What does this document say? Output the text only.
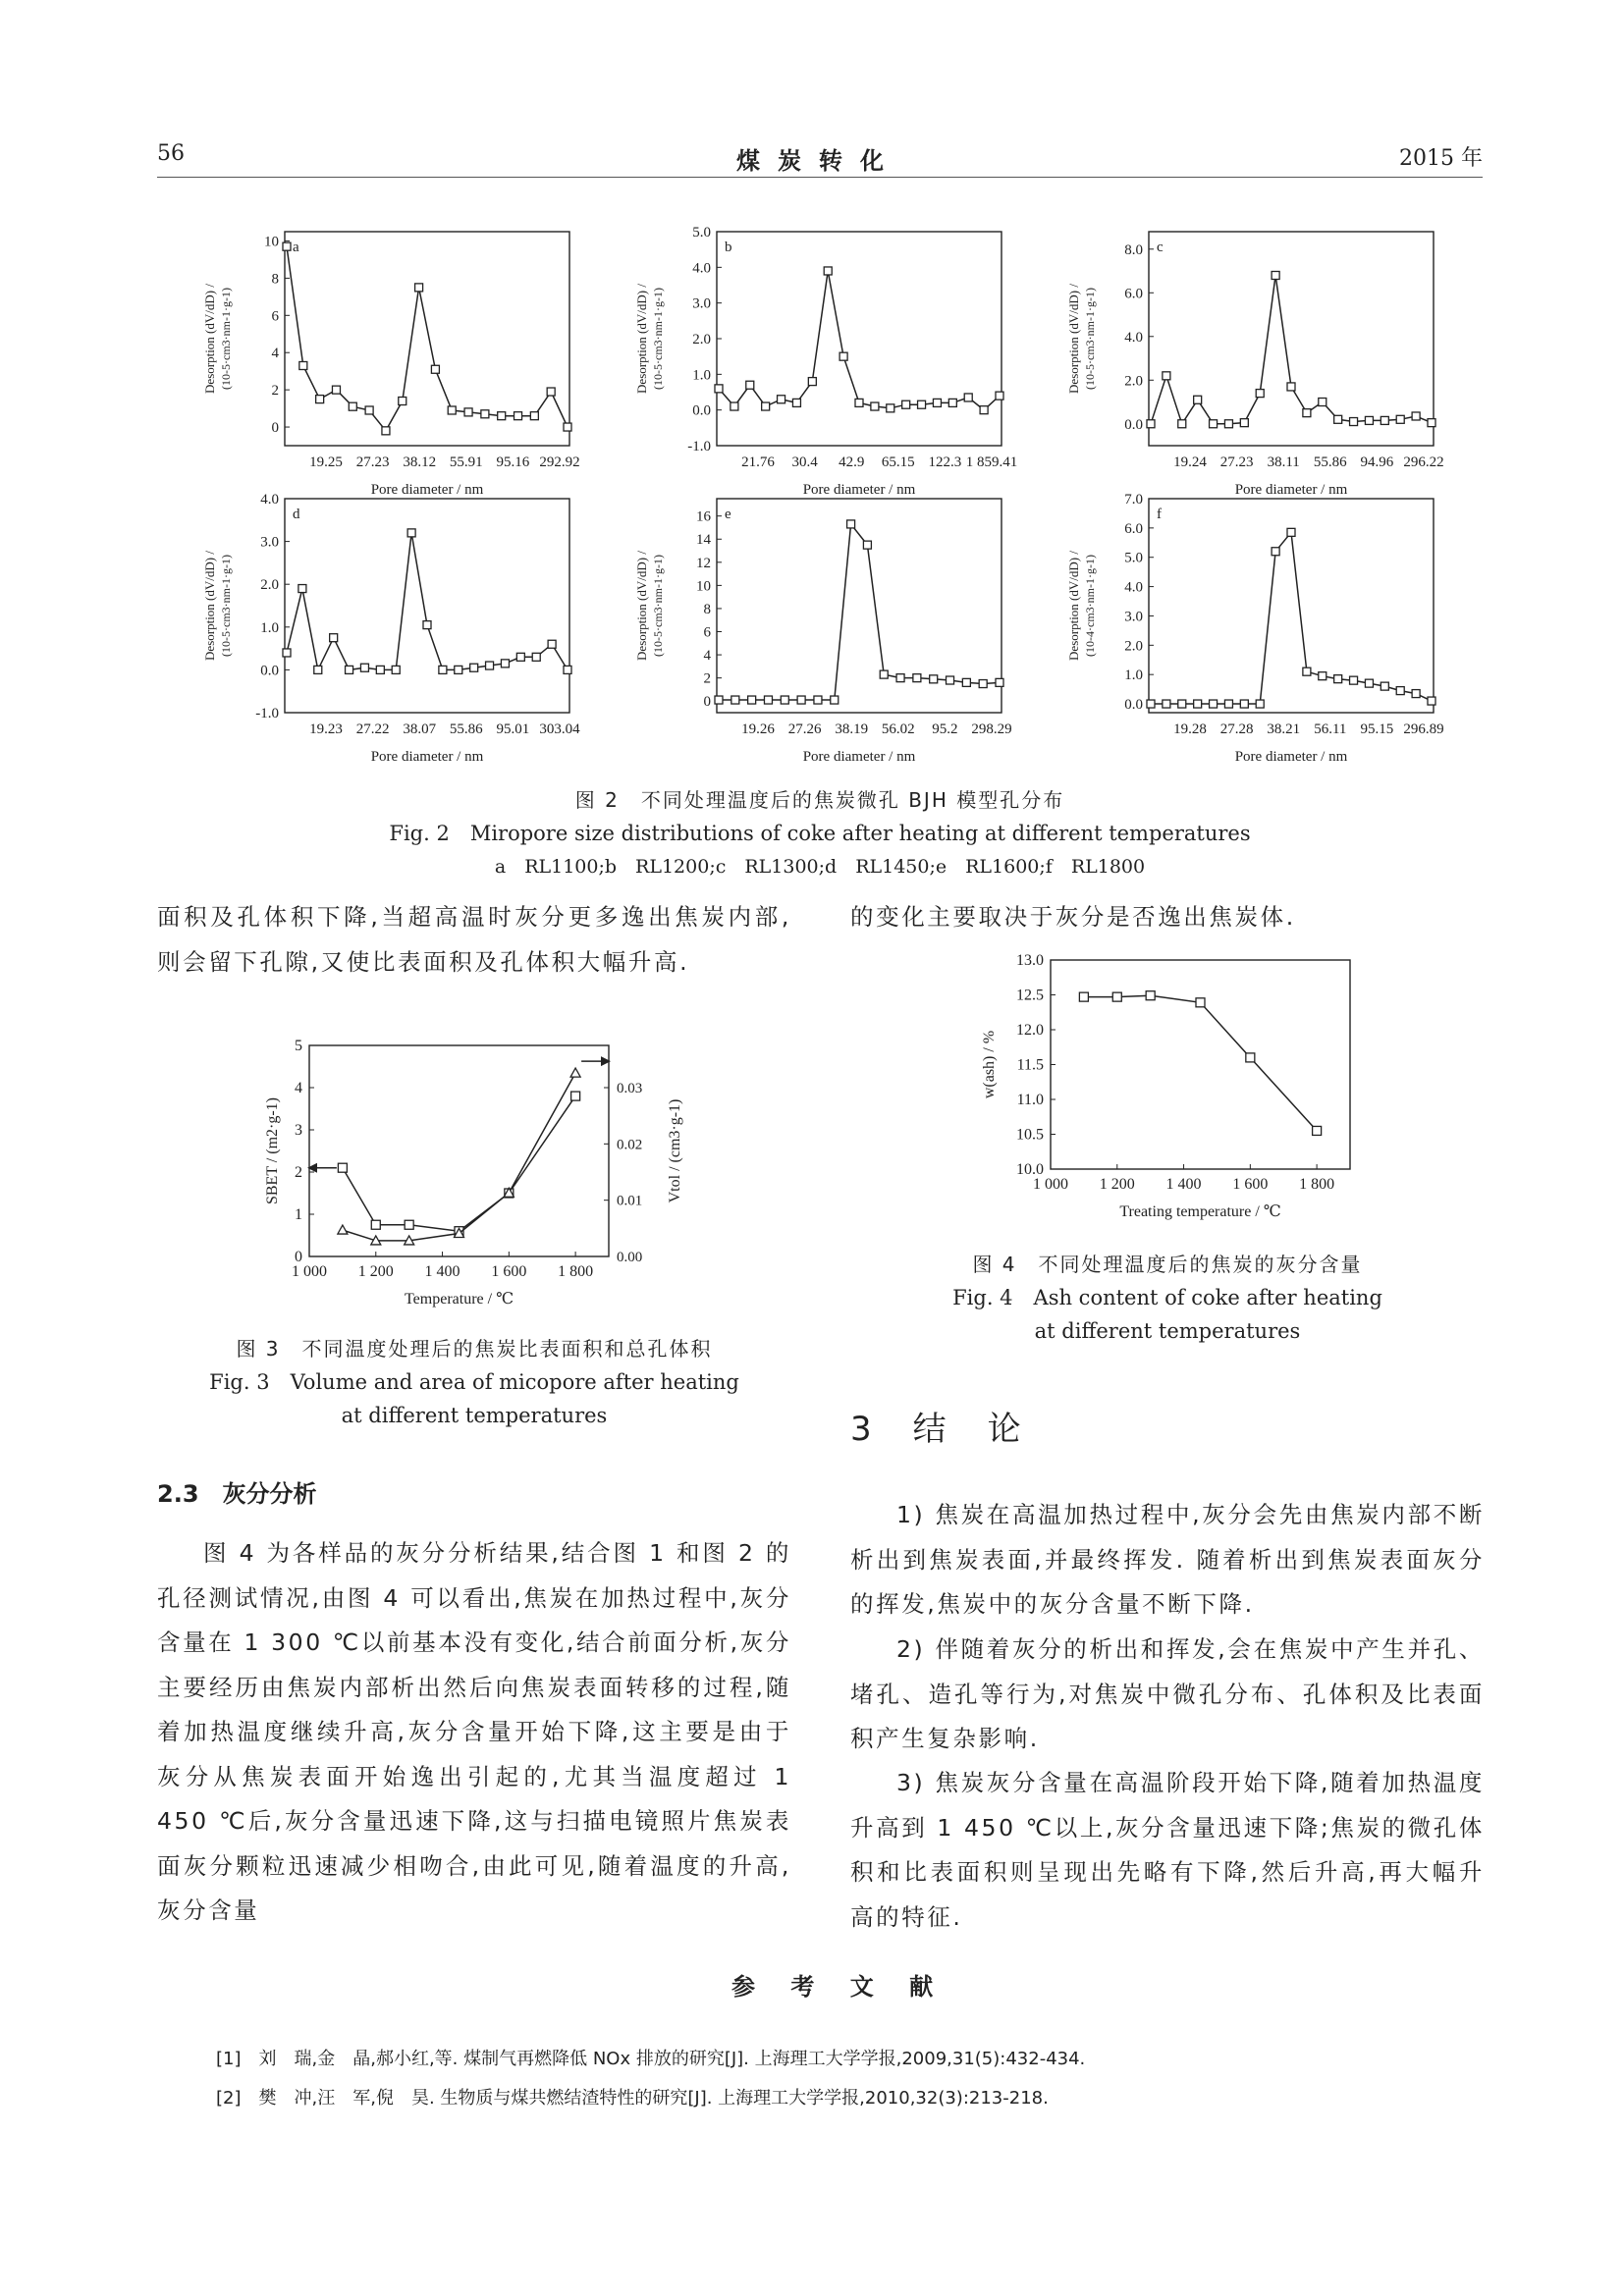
56	煤炭转化	2015 年
0
2
4
6
8
10
19.25 27.23 38.12 55.91 95.16 292.92
Pore diameter / nm
a
Desorption (dV/dD) / (10-5·cm3·nm-1·g-1)
-1.0
0.0
1.0
2.0
3.0
4.0
5.0
21.76 30.4 42.9 65.15 122.3 1 859.41
Pore diameter / nm
b
Desorption (dV/dD) / (10-5·cm3·nm-1·g-1)
0.0
2.0
4.0
6.0
8.0
19.24 27.23 38.11 55.86 94.96 296.22
Pore diameter / nm
c
Desorption (dV/dD) / (10-5·cm3·nm-1·g-1)
-1.0
0.0
1.0
2.0
3.0
4.0
19.23 27.22 38.07 55.86 95.01 303.04
Pore diameter / nm
d
Desorption (dV/dD) / (10-5·cm3·nm-1·g-1)
0
2
4
6
8
10
12
14
16
19.26 27.26 38.19 56.02 95.2 298.29
Pore diameter / nm
e
Desorption (dV/dD) / (10-5·cm3·nm-1·g-1)
0.0
1.0
2.0
3.0
4.0
5.0
6.0
7.0
19.28 27.28 38.21 56.11 95.15 296.89
Pore diameter / nm
f
Desorption (dV/dD) / (10-4·cm3·nm-1·g-1)
图 2　不同处理温度后的焦炭微孔 BJH 模型孔分布
Fig. 2　Miropore size distributions of coke after heating at different temperatures
a　RL1100;b　RL1200;c　RL1300;d　RL1450;e　RL1600;f　RL1800

面积及孔体积下降,当超高温时灰分更多逸出焦炭内部,则会留下孔隙,又使比表面积及孔体积大幅升高.

的变化主要取决于灰分是否逸出焦炭体.

0
1
2
3
4
5
0.00
0.01
0.02
0.03
1 000 1 200 1 400 1 600 1 800
Temperature / ℃
SBET / (m2·g-1)	Vtol / (cm3·g-1)
图 3　不同温度处理后的焦炭比表面积和总孔体积
Fig. 3　Volume and area of micopore after heating
at different temperatures
10.0
10.5
11.0
11.5
12.0
12.5
13.0
1 000 1 200 1 400 1 600 1 800
Treating temperature / ℃
w(ash) / %
图 4　不同处理温度后的焦炭的灰分含量
Fig. 4　Ash content of coke after heating
at different temperatures
2.3　灰分分析

图 4 为各样品的灰分分析结果,结合图 1 和图 2 的孔径测试情况,由图 4 可以看出,焦炭在加热过程中,灰分含量在 1 300 ℃以前基本没有变化,结合前面分析,灰分主要经历由焦炭内部析出然后向焦炭表面转移的过程,随着加热温度继续升高,灰分含量开始下降,这主要是由于灰分从焦炭表面开始逸出引起的,尤其当温度超过 1 450 ℃后,灰分含量迅速下降,这与扫描电镜照片焦炭表面灰分颗粒迅速减少相吻合,由此可见,随着温度的升高,灰分含量

3　结　论

1) 焦炭在高温加热过程中,灰分会先由焦炭内部不断析出到焦炭表面,并最终挥发. 随着析出到焦炭表面灰分的挥发,焦炭中的灰分含量不断下降.

2) 伴随着灰分的析出和挥发,会在焦炭中产生并孔、堵孔、造孔等行为,对焦炭中微孔分布、孔体积及比表面积产生复杂影响.

3) 焦炭灰分含量在高温阶段开始下降,随着加热温度升高到 1 450 ℃以上,灰分含量迅速下降;焦炭的微孔体积和比表面积则呈现出先略有下降,然后升高,再大幅升高的特征.

参 考 文 献
[1]　刘　瑞,金　晶,郝小红,等. 煤制气再燃降低 NOx 排放的研究[J]. 上海理工大学学报,2009,31(5):432-434.
[2]　樊　冲,汪　军,倪　昊. 生物质与煤共燃结渣特性的研究[J]. 上海理工大学学报,2010,32(3):213-218.
